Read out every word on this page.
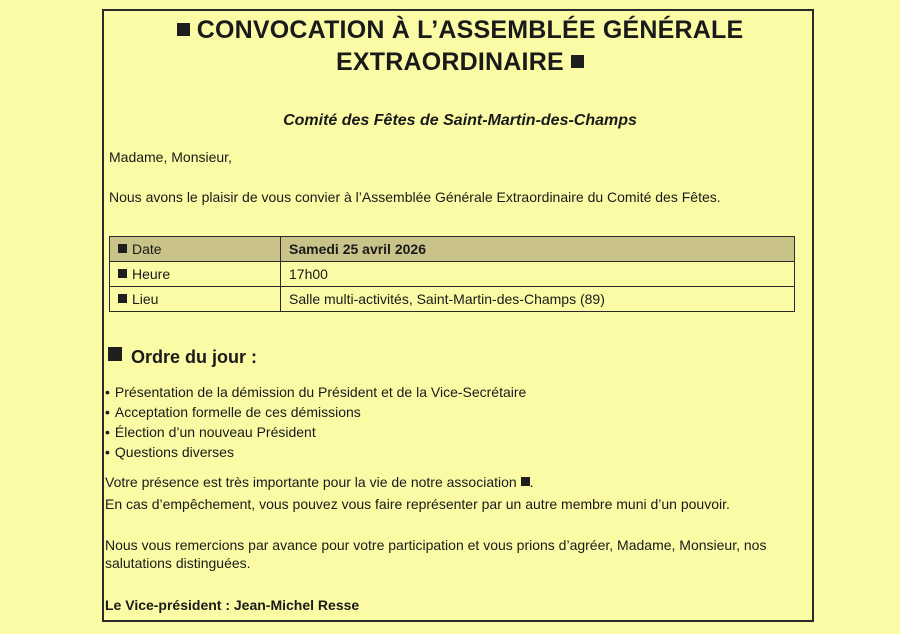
CONVOCATION À L’ASSEMBLÉE GÉNÉRALE
EXTRAORDINAIRE
Comité des Fêtes de Saint-Martin-des-Champs
Madame, Monsieur,
Nous avons le plaisir de vous convier à l’Assemblée Générale Extraordinaire du Comité des Fêtes.
Date	Samedi 25 avril 2026
Heure	17h00
Lieu	Salle multi-activités, Saint-Martin-des-Champs (89)
Ordre du jour :
• Présentation de la démission du Président et de la Vice-Secrétaire
• Acceptation formelle de ces démissions
• Élection d’un nouveau Président
• Questions diverses
Votre présence est très importante pour la vie de notre association .
En cas d’empêchement, vous pouvez vous faire représenter par un autre membre muni d’un pouvoir.
Nous vous remercions par avance pour votre participation et vous prions d’agréer, Madame, Monsieur, nos
salutations distinguées.
Le Vice-président : Jean-Michel Resse
